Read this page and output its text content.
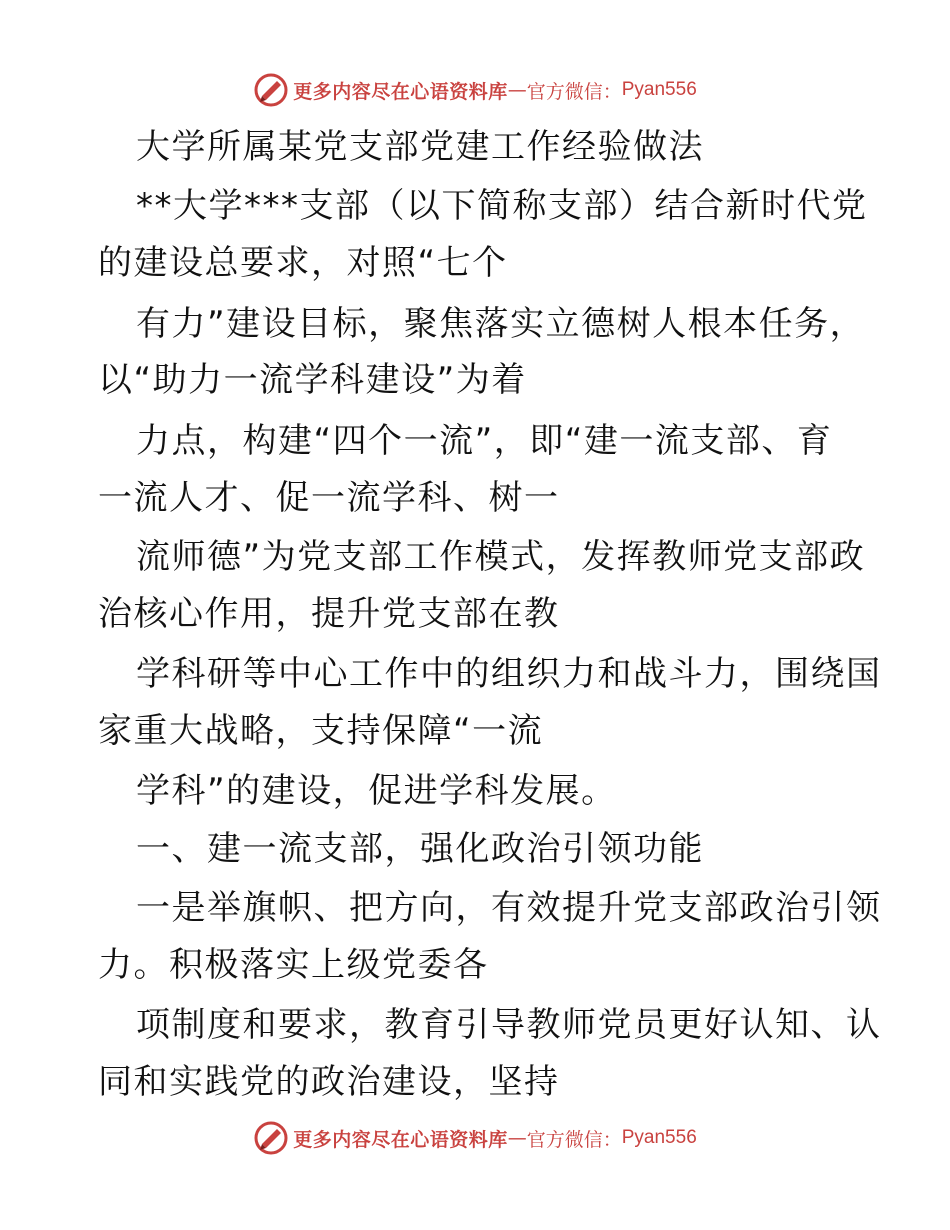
更多内容尽在心语资料库 — 官方微信： Pyan556
大学所属某党支部党建工作经验做法
**大学***支部（以下简称支部）结合新时代党
的建设总要求，对照“七个
有力”建设目标，聚焦落实立德树人根本任务，
以“助力一流学科建设”为着
力点，构建“四个一流”，即“建一流支部、育
一流人才、促一流学科、树一
流师德”为党支部工作模式，发挥教师党支部政
治核心作用，提升党支部在教
学科研等中心工作中的组织力和战斗力，围绕国
家重大战略，支持保障“一流
学科”的建设，促进学科发展。
一、建一流支部，强化政治引领功能
一是举旗帜、把方向，有效提升党支部政治引领
力。积极落实上级党委各
项制度和要求，教育引导教师党员更好认知、认
同和实践党的政治建设，坚持
更多内容尽在心语资料库 — 官方微信： Pyan556
